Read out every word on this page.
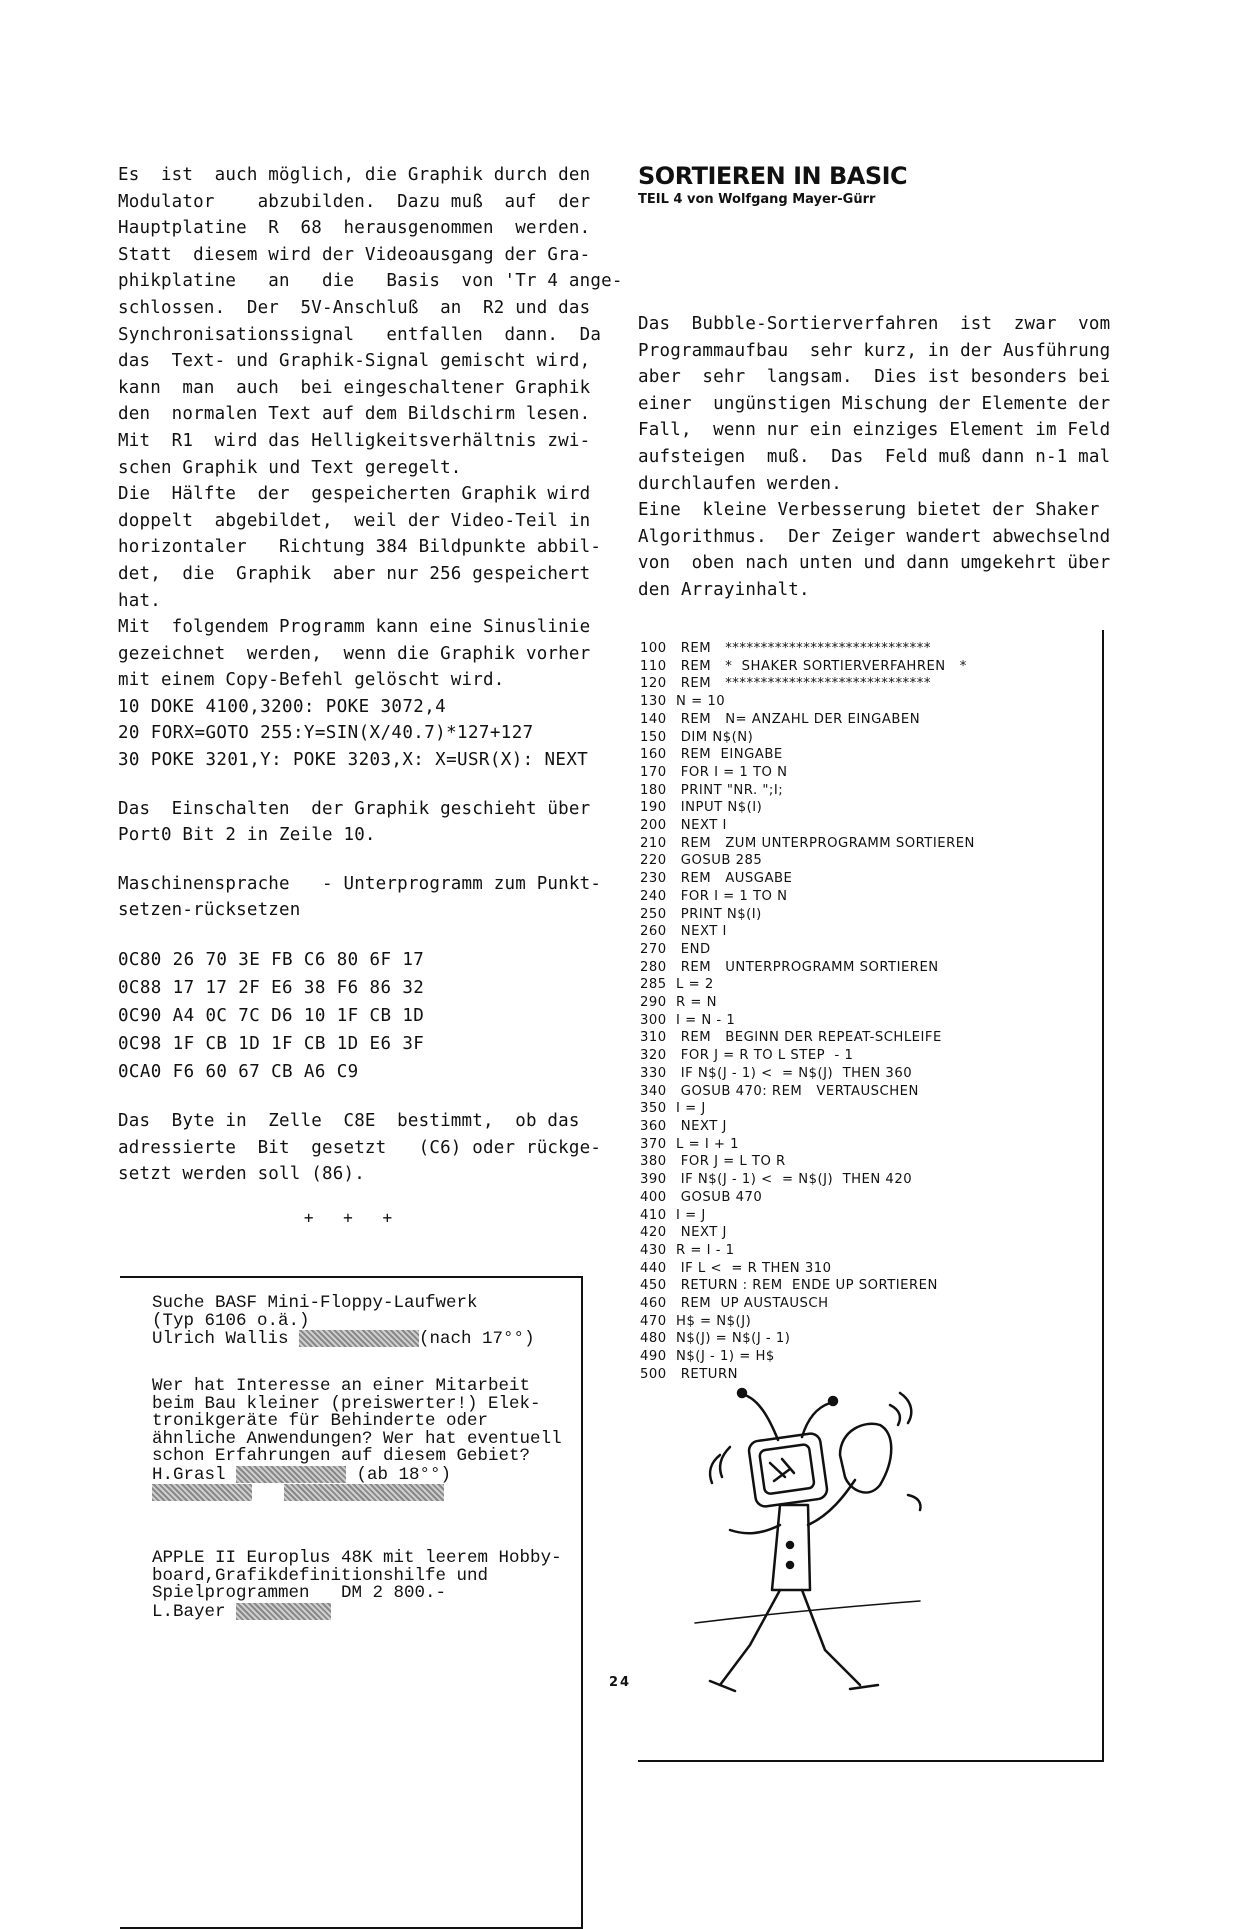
Es  ist  auch möglich, die Graphik durch den

Modulator    abzubilden.  Dazu muß  auf  der

Hauptplatine  R  68  herausgenommen  werden.

Statt  diesem wird der Videoausgang der Gra-

phikplatine   an   die   Basis  von 'Tr 4 ange-

schlossen.  Der  5V-Anschluß  an  R2 und das

Synchronisationssignal   entfallen  dann.  Da

das  Text- und Graphik-Signal gemischt wird,

kann  man  auch  bei eingeschaltener Graphik

den  normalen Text auf dem Bildschirm lesen.

Mit  R1  wird das Helligkeitsverhältnis zwi-

schen Graphik und Text geregelt.

Die  Hälfte  der  gespeicherten Graphik wird

doppelt  abgebildet,  weil der Video-Teil in

horizontaler   Richtung 384 Bildpunkte abbil-

det,  die  Graphik  aber nur 256 gespeichert

hat.

Mit  folgendem Programm kann eine Sinuslinie

gezeichnet  werden,  wenn die Graphik vorher

mit einem Copy-Befehl gelöscht wird.

10 DOKE 4100,3200: POKE 3072,4

20 FORX=GOTO 255:Y=SIN(X/40.7)*127+127

30 POKE 3201,Y: POKE 3203,X: X=USR(X): NEXT

Das  Einschalten  der Graphik geschieht über

Port0 Bit 2 in Zeile 10.

Maschinensprache   - Unterprogramm zum Punkt-

setzen-rücksetzen

0C80 26 70 3E FB C6 80 6F 17

0C88 17 17 2F E6 38 F6 86 32

0C90 A4 0C 7C D6 10 1F CB 1D

0C98 1F CB 1D 1F CB 1D E6 3F

0CA0 F6 60 67 CB A6 C9

Das  Byte in  Zelle  C8E  bestimmt,  ob das

adressierte  Bit  gesetzt   (C6) oder rückge-

setzt werden soll (86).

+ + +

Suche BASF Mini-Floppy-Laufwerk
(Typ 6106 o.ä.)
Ulrich Wallis	(nach 17°°)
Wer hat Interesse an einer Mitarbeit
beim Bau kleiner (preiswerter!) Elek-
tronikgeräte für Behinderte oder
ähnliche Anwendungen? Wer hat eventuell
schon Erfahrungen auf diesem Gebiet?
H.Grasl	(ab 18°°)

APPLE II Europlus 48K mit leerem Hobby-
board,Grafikdefinitionshilfe und
Spielprogrammen   DM 2 800.-
L.Bayer
SORTIEREN IN BASIC

TEIL 4 von Wolfgang Mayer-Gürr

Das  Bubble-Sortierverfahren  ist  zwar  vom

Programmaufbau  sehr kurz, in der Ausführung

aber  sehr  langsam.  Dies ist besonders bei

einer  ungünstigen Mischung der Elemente der

Fall,  wenn nur ein einziges Element im Feld

aufsteigen  muß.  Das  Feld muß dann n-1 mal

durchlaufen werden.

Eine  kleine Verbesserung bietet der Shaker

Algorithmus.  Der Zeiger wandert abwechselnd

von  oben nach unten und dann umgekehrt über

den Arrayinhalt.

100   REM   *****************************
110   REM   *  SHAKER SORTIERVERFAHREN   *
120   REM   *****************************
130  N = 10
140   REM   N= ANZAHL DER EINGABEN
150   DIM N$(N)
160   REM  EINGABE
170   FOR I = 1 TO N
180   PRINT "NR. ";I;
190   INPUT N$(I)
200   NEXT I
210   REM   ZUM UNTERPROGRAMM SORTIEREN
220   GOSUB 285
230   REM   AUSGABE
240   FOR I = 1 TO N
250   PRINT N$(I)
260   NEXT I
270   END
280   REM   UNTERPROGRAMM SORTIEREN
285  L = 2
290  R = N
300  I = N - 1
310   REM   BEGINN DER REPEAT-SCHLEIFE
320   FOR J = R TO L STEP  - 1
330   IF N$(J - 1) <  = N$(J)  THEN 360
340   GOSUB 470: REM   VERTAUSCHEN
350  I = J
360   NEXT J
370  L = I + 1
380   FOR J = L TO R
390   IF N$(J - 1) <  = N$(J)  THEN 420
400   GOSUB 470
410  I = J
420   NEXT J
430  R = I - 1
440   IF L <  = R THEN 310
450   RETURN : REM  ENDE UP SORTIEREN
460   REM  UP AUSTAUSCH
470  H$ = N$(J)
480  N$(J) = N$(J - 1)
490  N$(J - 1) = H$
500   RETURN
24
